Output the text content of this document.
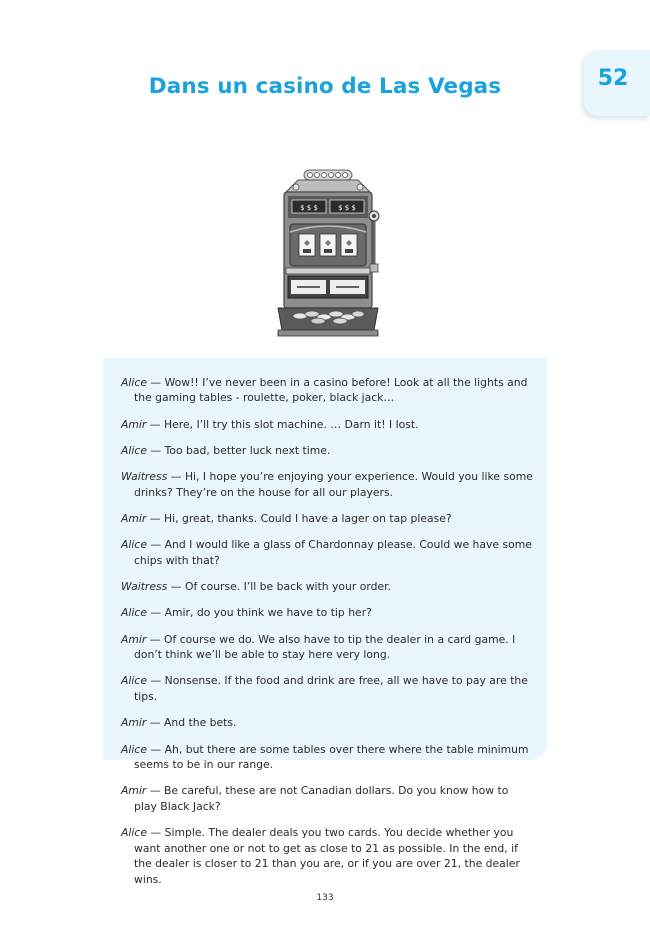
52
Dans un casino de Las Vegas
$ $ $	$ $ $

Alice — Wow!! I’ve never been in a casino before! Look at all the lights and the gaming tables - roulette, poker, black jack…

Amir — Here, I’ll try this slot machine. … Darn it! I lost.

Alice — Too bad, better luck next time.

Waitress — Hi, I hope you’re enjoying your experience. Would you like some drinks? They’re on the house for all our players.

Amir — Hi, great, thanks. Could I have a lager on tap please?

Alice — And I would like a glass of Chardonnay please. Could we have some chips with that?

Waitress — Of course. I’ll be back with your order.

Alice — Amir, do you think we have to tip her?

Amir — Of course we do. We also have to tip the dealer in a card game. I don’t think we’ll be able to stay here very long.

Alice — Nonsense. If the food and drink are free, all we have to pay are the tips.

Amir — And the bets.

Alice — Ah, but there are some tables over there where the table minimum seems to be in our range.

Amir — Be careful, these are not Canadian dollars. Do you know how to play Black Jack?

Alice — Simple. The dealer deals you two cards. You decide whether you want another one or not to get as close to 21 as possible. In the end, if the dealer is closer to 21 than you are, or if you are over 21, the dealer wins.

133
